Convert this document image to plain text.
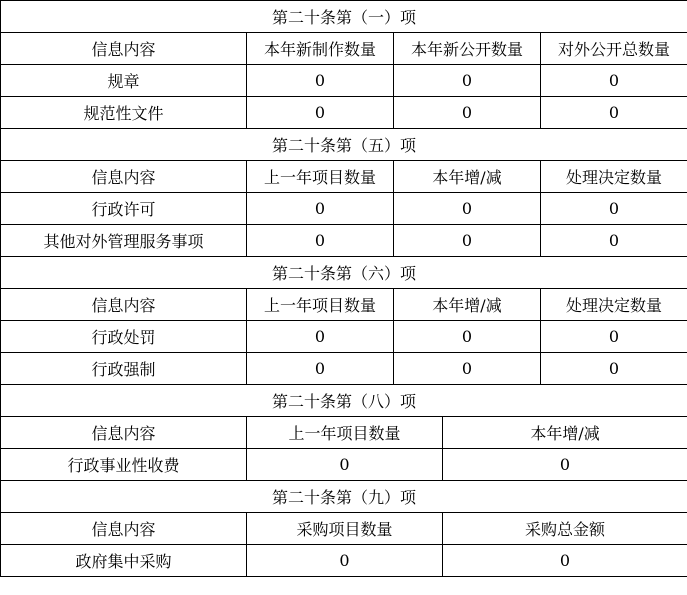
第二十条第（一）项			
信息内容	本年新制作数量	本年新公开数量	对外公开总数量
规章	0	0	0
规范性文件	0	0	0
第二十条第（五）项			
信息内容	上一年项目数量	本年增/减	处理决定数量
行政许可	0	0	0
其他对外管理服务事项	0	0	0
第二十条第（六）项			
信息内容	上一年项目数量	本年增/减	处理决定数量
行政处罚	0	0	0
行政强制	0	0	0
第二十条第（八）项		
信息内容	上一年项目数量	本年增/减
行政事业性收费	0	0
第二十条第（九）项		
信息内容	采购项目数量	采购总金额
政府集中采购	0	0
